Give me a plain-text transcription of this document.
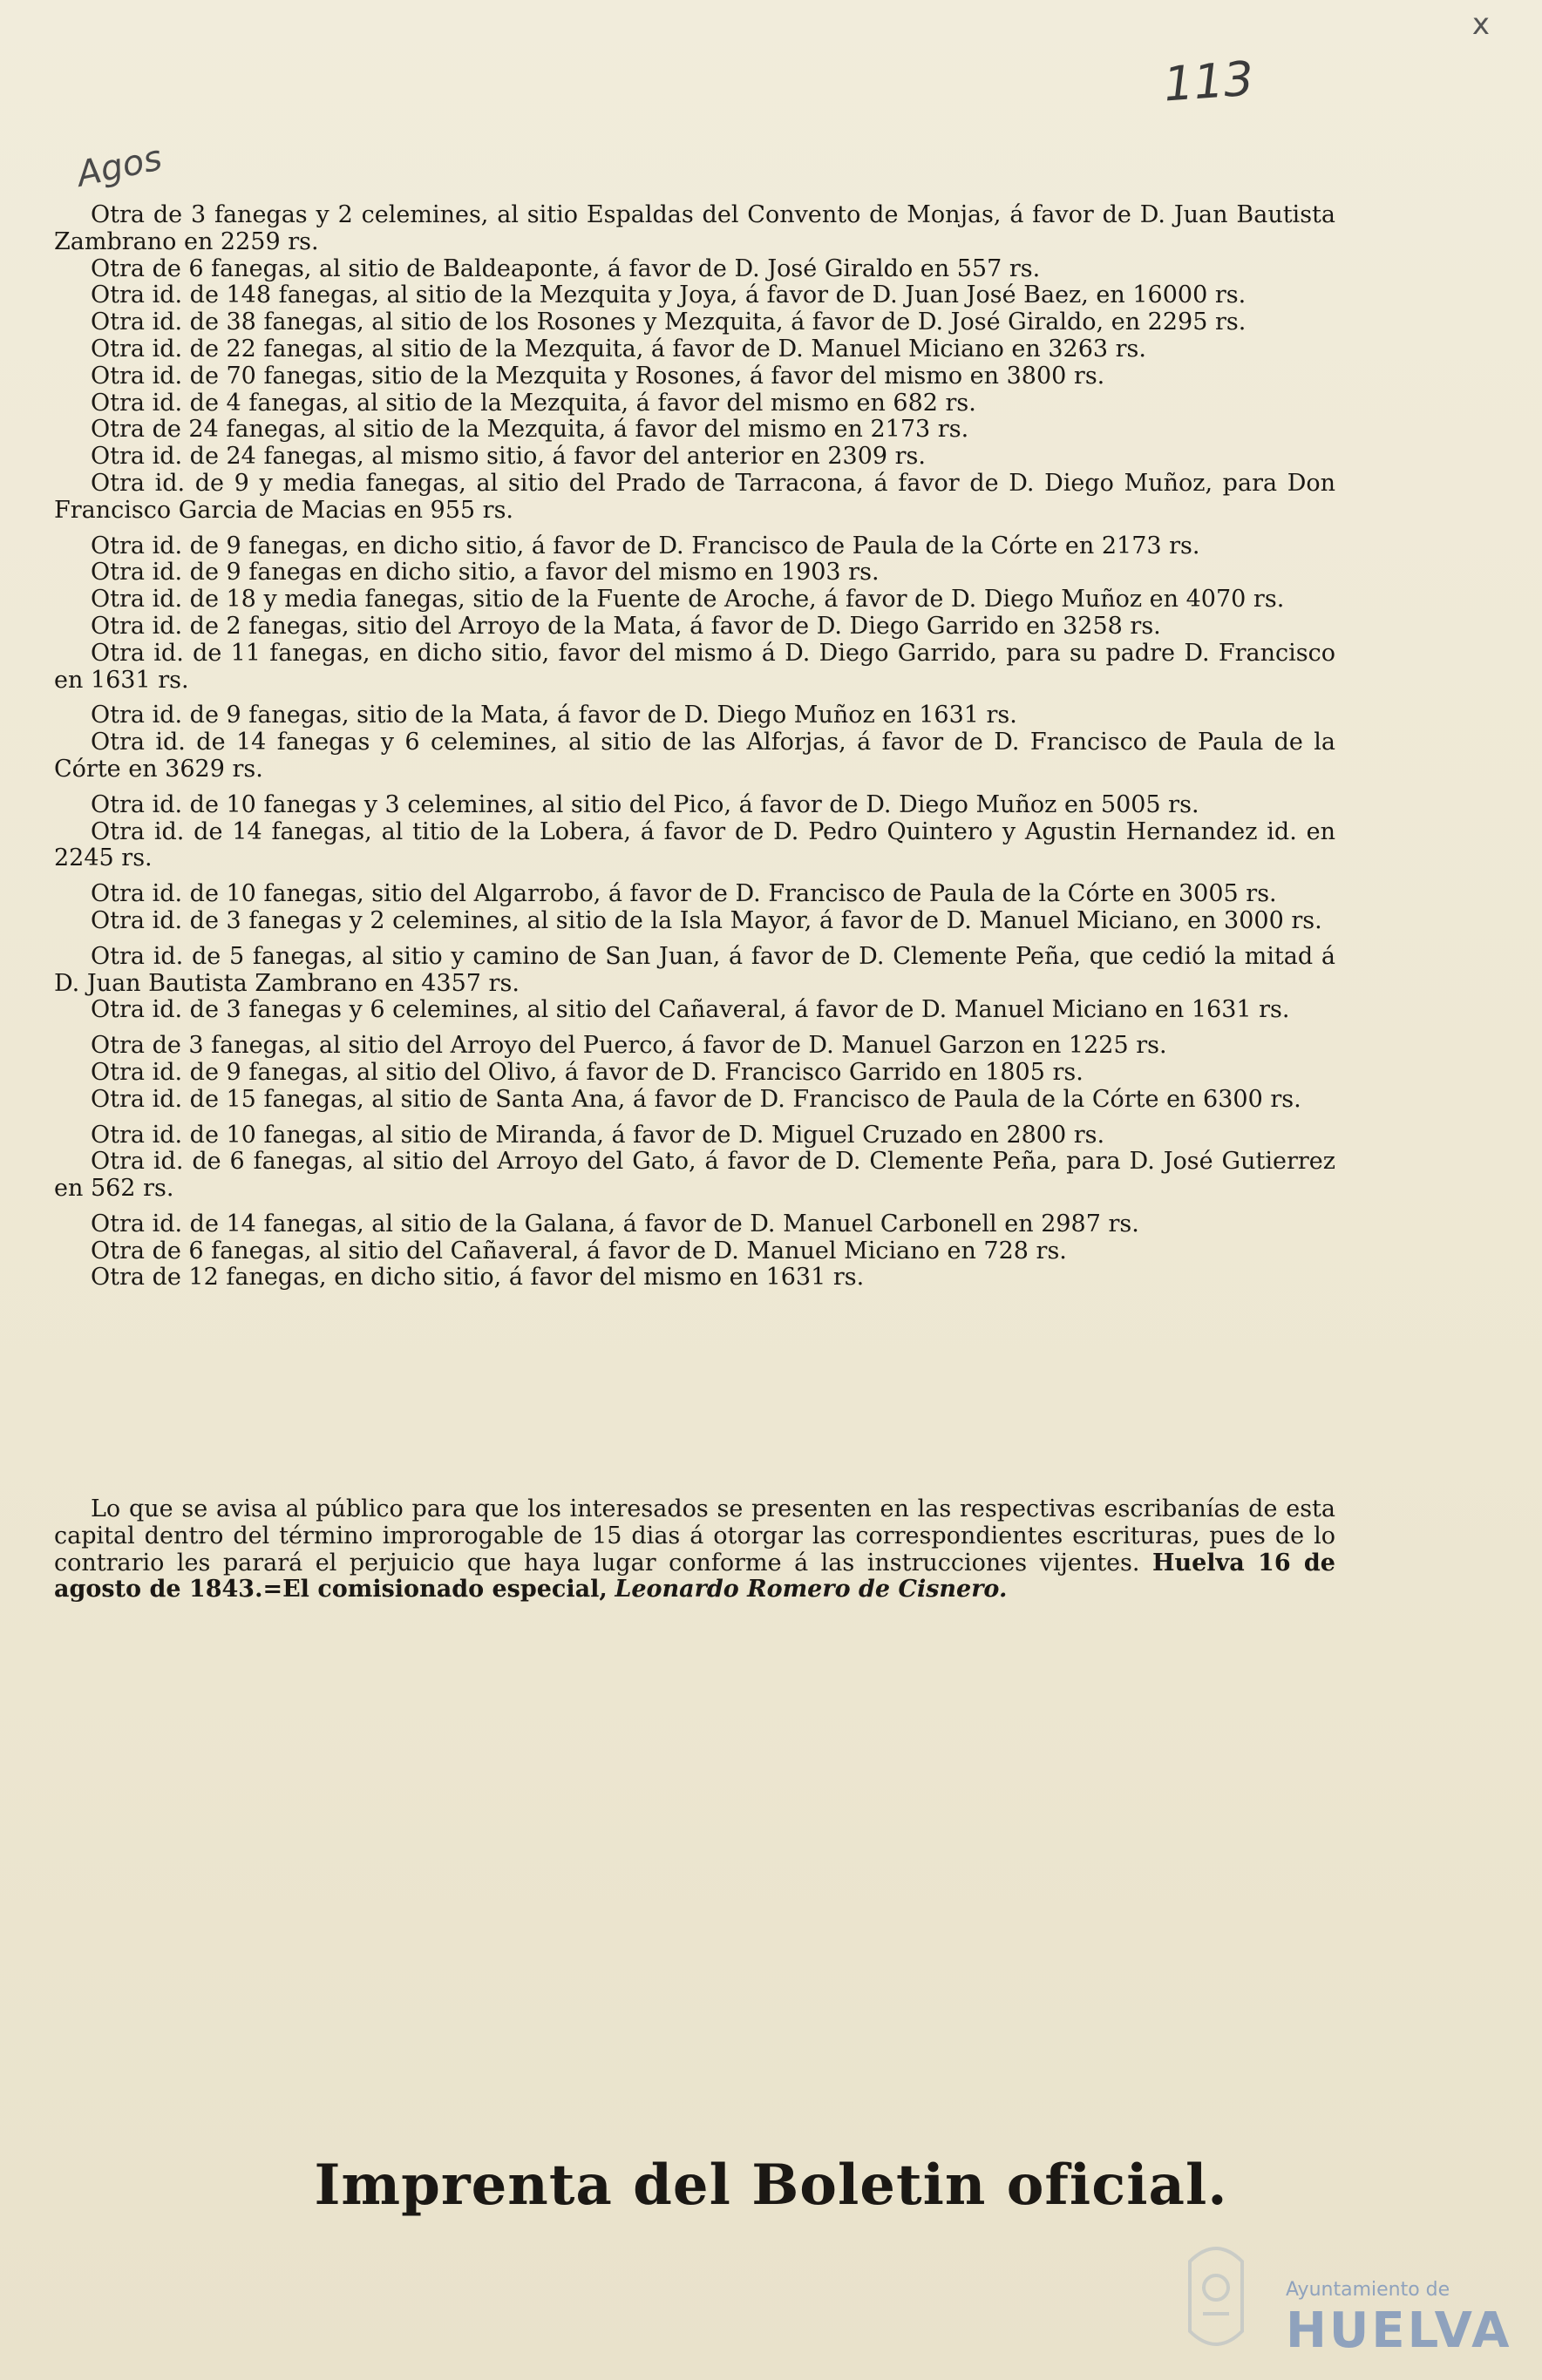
x
113
Agos

Otra de 3 fanegas y 2 celemines, al sitio Espaldas del Convento de Monjas, á favor de D. Juan Bautista Zambrano en 2259 rs.

Otra de 6 fanegas, al sitio de Baldeaponte, á favor de D. José Giraldo en 557 rs.

Otra id. de 148 fanegas, al sitio de la Mezquita y Joya, á favor de D. Juan José Baez, en 16000 rs.

Otra id. de 38 fanegas, al sitio de los Rosones y Mezquita, á favor de D. José Giraldo, en 2295 rs.

Otra id. de 22 fanegas, al sitio de la Mezquita, á favor de D. Manuel Miciano en 3263 rs.

Otra id. de 70 fanegas, sitio de la Mezquita y Rosones, á favor del mismo en 3800 rs.

Otra id. de 4 fanegas, al sitio de la Mezquita, á favor del mismo en 682 rs.

Otra de 24 fanegas, al sitio de la Mezquita, á favor del mismo en 2173 rs.

Otra id. de 24 fanegas, al mismo sitio, á favor del anterior en 2309 rs.

Otra id. de 9 y media fanegas, al sitio del Prado de Tarracona, á favor de D. Diego Muñoz, para Don Francisco Garcia de Macias en 955 rs.

Otra id. de 9 fanegas, en dicho sitio, á favor de D. Francisco de Paula de la Córte en 2173 rs.

Otra id. de 9 fanegas en dicho sitio, a favor del mismo en 1903 rs.

Otra id. de 18 y media fanegas, sitio de la Fuente de Aroche, á favor de D. Diego Muñoz en 4070 rs.

Otra id. de 2 fanegas, sitio del Arroyo de la Mata, á favor de D. Diego Garrido en 3258 rs.

Otra id. de 11 fanegas, en dicho sitio, favor del mismo á D. Diego Garrido, para su padre D. Francisco en 1631 rs.

Otra id. de 9 fanegas, sitio de la Mata, á favor de D. Diego Muñoz en 1631 rs.

Otra id. de 14 fanegas y 6 celemines, al sitio de las Alforjas, á favor de D. Francisco de Paula de la Córte en 3629 rs.

Otra id. de 10 fanegas y 3 celemines, al sitio del Pico, á favor de D. Diego Muñoz en 5005 rs.

Otra id. de 14 fanegas, al titio de la Lobera, á favor de D. Pedro Quintero y Agustin Hernandez id. en 2245 rs.

Otra id. de 10 fanegas, sitio del Algarrobo, á favor de D. Francisco de Paula de la Córte en 3005 rs.

Otra id. de 3 fanegas y 2 celemines, al sitio de la Isla Mayor, á favor de D. Manuel Miciano, en 3000 rs.

Otra id. de 5 fanegas, al sitio y camino de San Juan, á favor de D. Clemente Peña, que cedió la mitad á D. Juan Bautista Zambrano en 4357 rs.

Otra id. de 3 fanegas y 6 celemines, al sitio del Cañaveral, á favor de D. Manuel Miciano en 1631 rs.

Otra de 3 fanegas, al sitio del Arroyo del Puerco, á favor de D. Manuel Garzon en 1225 rs.

Otra id. de 9 fanegas, al sitio del Olivo, á favor de D. Francisco Garrido en 1805 rs.

Otra id. de 15 fanegas, al sitio de Santa Ana, á favor de D. Francisco de Paula de la Córte en 6300 rs.

Otra id. de 10 fanegas, al sitio de Miranda, á favor de D. Miguel Cruzado en 2800 rs.

Otra id. de 6 fanegas, al sitio del Arroyo del Gato, á favor de D. Clemente Peña, para D. José Gutierrez en 562 rs.

Otra id. de 14 fanegas, al sitio de la Galana, á favor de D. Manuel Carbonell en 2987 rs.

Otra de 6 fanegas, al sitio del Cañaveral, á favor de D. Manuel Miciano en 728 rs.

Otra de 12 fanegas, en dicho sitio, á favor del mismo en 1631 rs.

Lo que se avisa al público para que los interesados se presenten en las respectivas escribanías de esta capital dentro del término improrogable de 15 dias á otorgar las correspondientes escrituras, pues de lo contrario les parará el perjuicio que haya lugar conforme á las instrucciones vijentes. Huelva 16 de agosto de 1843.=El comisionado especial, Leonardo Romero de Cisnero.

Imprenta del Boletin oficial.
Ayuntamiento de
HUELVA
